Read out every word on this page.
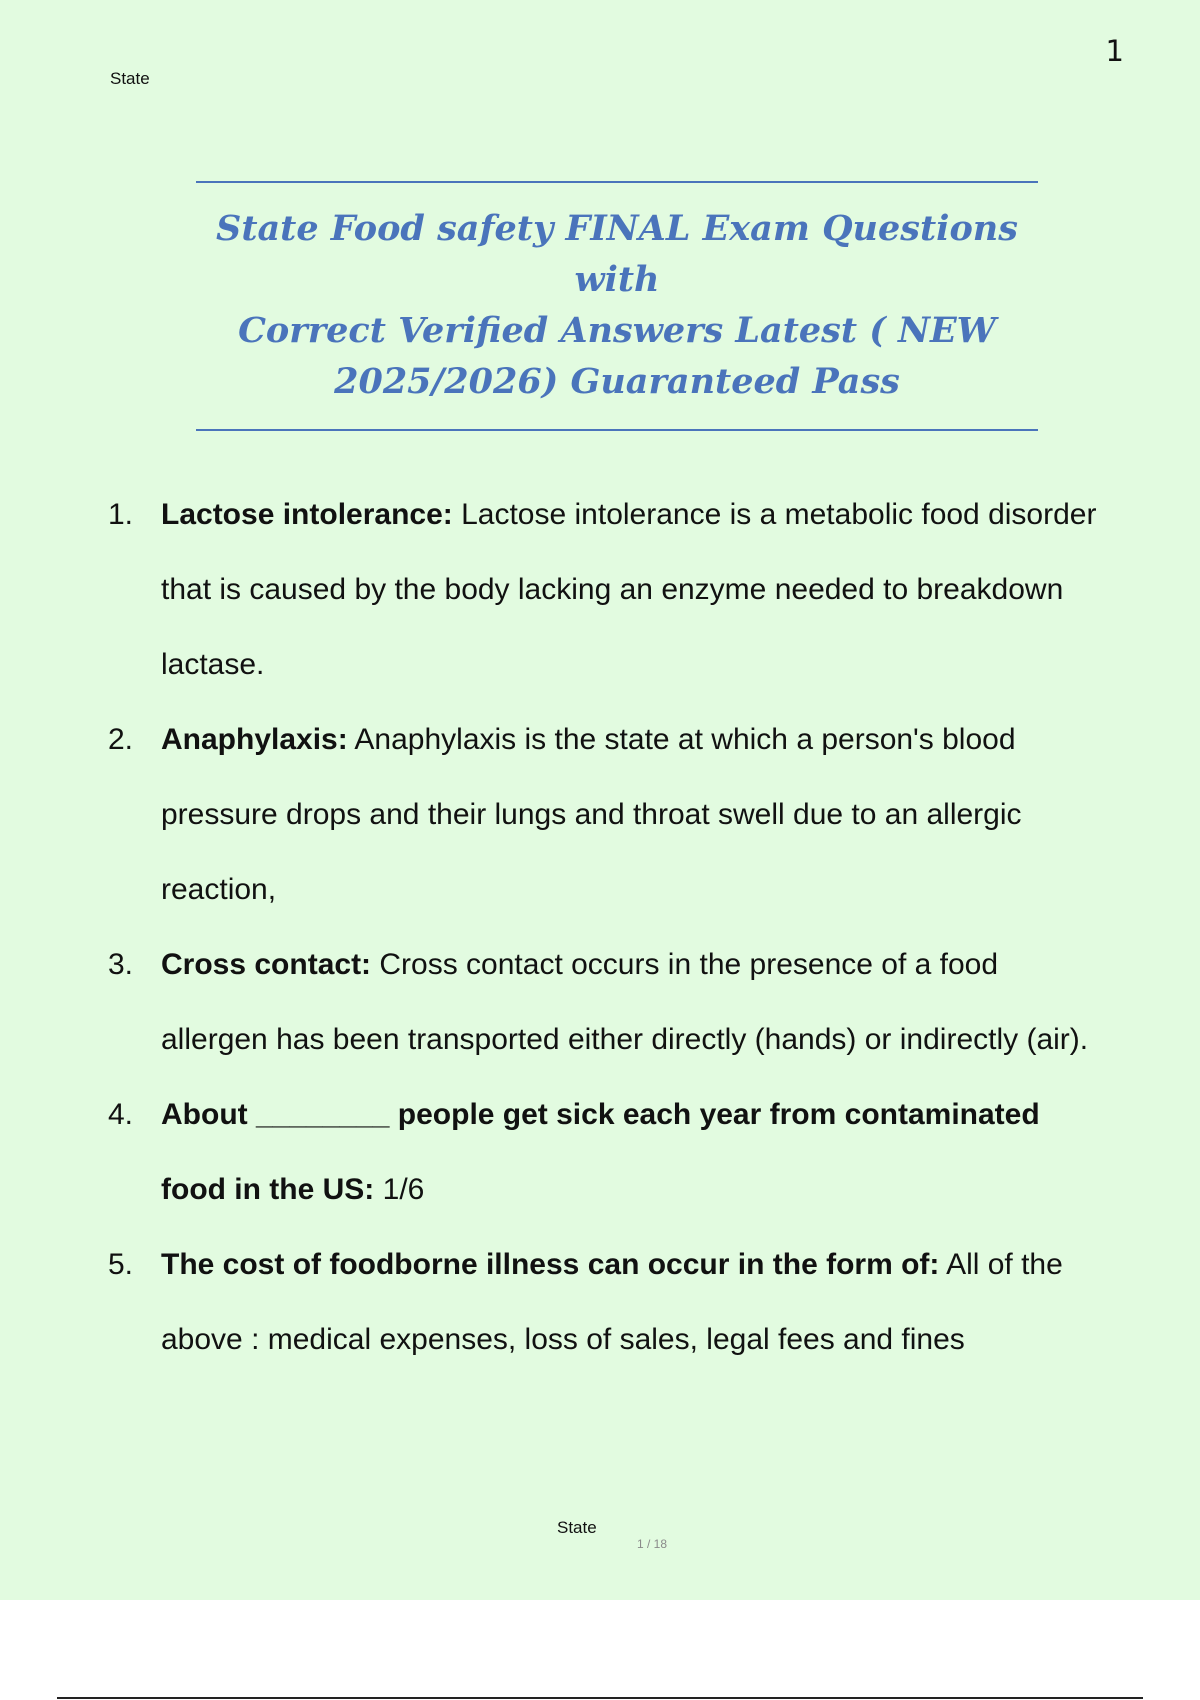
1
State

State Food safety FINAL Exam Questions with
Correct Verified Answers Latest ( NEW
2025/2026) Guaranteed Pass

1. Lactose intolerance: Lactose intolerance is a metabolic food disorder that is caused by the body lacking an enzyme needed to breakdown lactase.
2. Anaphylaxis: Anaphylaxis is the state at which a person's blood pressure drops and their lungs and throat swell due to an allergic reaction,
3. Cross contact: Cross contact occurs in the presence of a food allergen has been transported either directly (hands) or indirectly (air).
4. About ________ people get sick each year from contaminated food in the US: 1/6
5. The cost of foodborne illness can occur in the form of: All of the above : medical expenses, loss of sales, legal fees and fines
State
1 / 18
